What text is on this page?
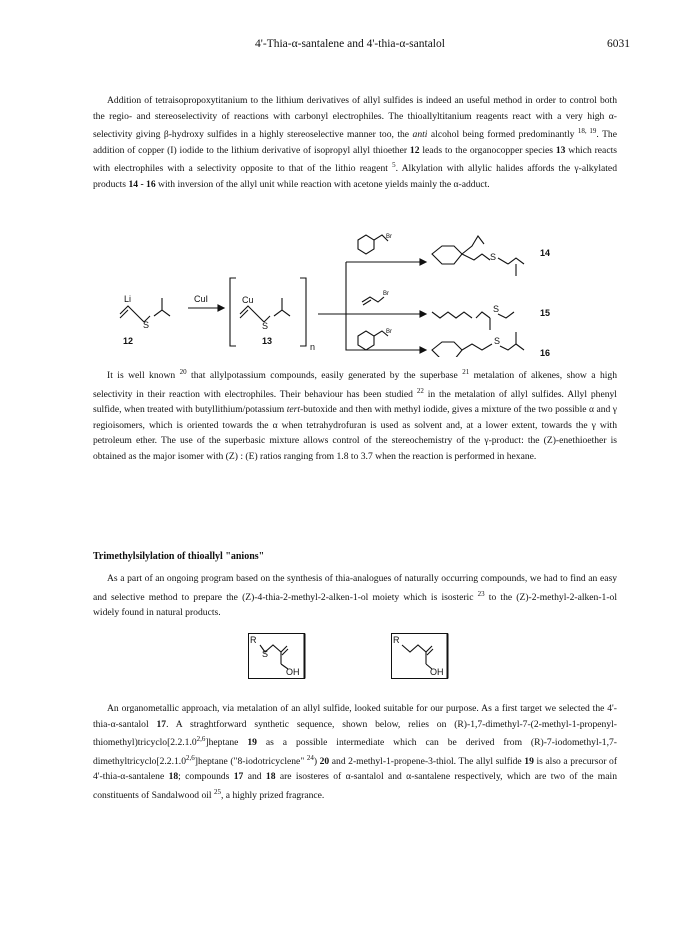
4'-Thia-α-santalene and 4'-thia-α-santalol	6031

Addition of tetraisopropoxytitanium to the lithium derivatives of allyl sulfides is indeed an useful method in order to control both the regio- and stereoselectivity of reactions with carbonyl electrophiles. The thioallyltitanium reagents react with a very high α-selectivity giving β-hydroxy sulfides in a highly stereoselective manner too, the anti alcohol being formed predominantly $^{18, 19}$. The addition of copper (I) iodide to the lithium derivative of isopropyl allyl thioether 12 leads to the organocopper species 13 which reacts with electrophiles with a selectivity opposite to that of the lithio reagent $^5$. Alkylation with allylic halides affords the γ-alkylated products 14 - 16 with inversion of the allyl unit while reaction with acetone yields mainly the α-adduct.

Li
S
12
CuI	Cu
S
13
n
Br
Br
Br
S	14
S	15
S
16

It is well known $^{20}$ that allylpotassium compounds, easily generated by the superbase $^{21}$ metalation of alkenes, show a high selectivity in their reaction with electrophiles. Their behaviour has been studied $^{22}$ in the metalation of allyl sulfides. Allyl phenyl sulfide, when treated with butyllithium/potassium tert-butoxide and then with methyl iodide, gives a mixture of the two possible α and γ regioisomers, which is oriented towards the α when tetrahydrofuran is used as solvent and, at a lower extent, towards the γ with petroleum ether. The use of the superbasic mixture allows control of the stereochemistry of the γ-product: the (Z)-enethioether is obtained as the major isomer with (Z) : (E) ratios ranging from 1.8 to 3.7 when the reaction is performed in hexane.

Trimethylsilylation of thioallyl "anions"

As a part of an ongoing program based on the synthesis of thia-analogues of naturally occurring compounds, we had to find an easy and selective method to prepare the (Z)-4-thia-2-methyl-2-alken-1-ol moiety which is isosteric $^{23}$ to the (Z)-2-methyl-2-alken-1-ol widely found in natural products.

R
S
OH
R
OH

An organometallic approach, via metalation of an allyl sulfide, looked suitable for our purpose. As a first target we selected the 4'-thia-α-santalol 17. A straghtforward synthetic sequence, shown below, relies on (R)-1,7-dimethyl-7-(2-methyl-1-propenyl-thiomethyl)tricyclo[2.2.1.0$^{2,6}$]heptane 19 as a possible intermediate which can be derived from (R)-7-iodomethyl-1,7-dimethyltricyclo[2.2.1.0$^{2,6}$]heptane ("8-iodotricyclene" $^{24}$) 20 and 2-methyl-1-propene-3-thiol. The allyl sulfide 19 is also a precursor of 4'-thia-α-santalene 18; compounds 17 and 18 are isosteres of α-santalol and α-santalene respectively, which are two of the main constituents of Sandalwood oil $^{25}$, a highly prized fragrance.
